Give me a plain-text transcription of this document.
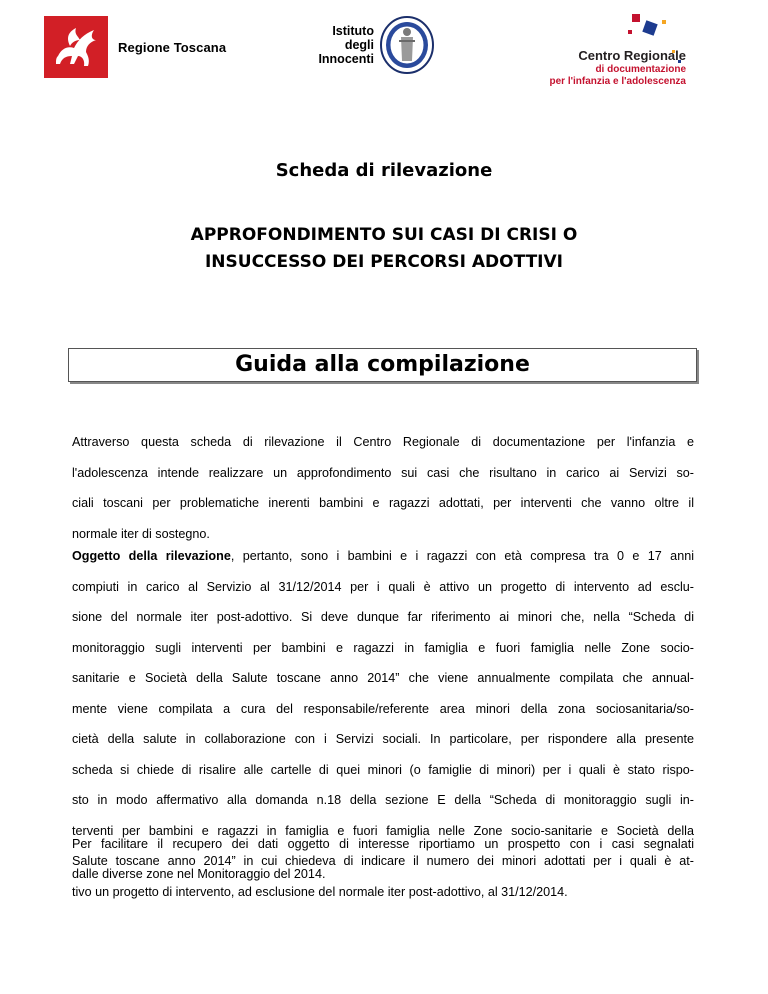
Regione Toscana
Istituto
degli
Innocenti	Centro Regionale
di documentazione
per l'infanzia e l'adolescenza
Scheda di rilevazione
APPROFONDIMENTO SUI CASI DI CRISI O
INSUCCESSO DEI PERCORSI ADOTTIVI
Guida alla compilazione
Attraverso questa scheda di rilevazione il Centro Regionale di documentazione per l'infanzia e
l'adolescenza intende realizzare un approfondimento sui casi che risultano in carico ai Servizi so-
ciali toscani per problematiche inerenti bambini e ragazzi adottati, per interventi che vanno oltre il
normale iter di sostegno.
Oggetto della rilevazione, pertanto, sono i bambini e i ragazzi con età compresa tra 0 e 17 anni
compiuti in carico al Servizio al 31/12/2014 per i quali è attivo un progetto di intervento ad esclu-
sione del normale iter post-adottivo. Si deve dunque far riferimento ai minori che, nella “Scheda di
monitoraggio sugli interventi per bambini e ragazzi in famiglia e fuori famiglia nelle Zone socio-
sanitarie e Società della Salute toscane anno 2014” che viene annualmente compilata che annual-
mente viene compilata a cura del responsabile/referente area minori della zona sociosanitaria/so-
cietà della salute in collaborazione con i Servizi sociali. In particolare, per rispondere alla presente
scheda si chiede di risalire alle cartelle di quei minori (o famiglie di minori) per i quali è stato rispo-
sto in modo affermativo alla domanda n.18 della sezione E della “Scheda di monitoraggio sugli in-
terventi per bambini e ragazzi in famiglia e fuori famiglia nelle Zone socio-sanitarie e Società della
Salute toscane anno 2014” in cui chiedeva di indicare il numero dei minori adottati per i quali è at-
tivo un progetto di intervento, ad esclusione del normale iter post-adottivo, al 31/12/2014.
Per facilitare il recupero dei dati oggetto di interesse riportiamo un prospetto con i casi segnalati
dalle diverse zone nel Monitoraggio del 2014.
